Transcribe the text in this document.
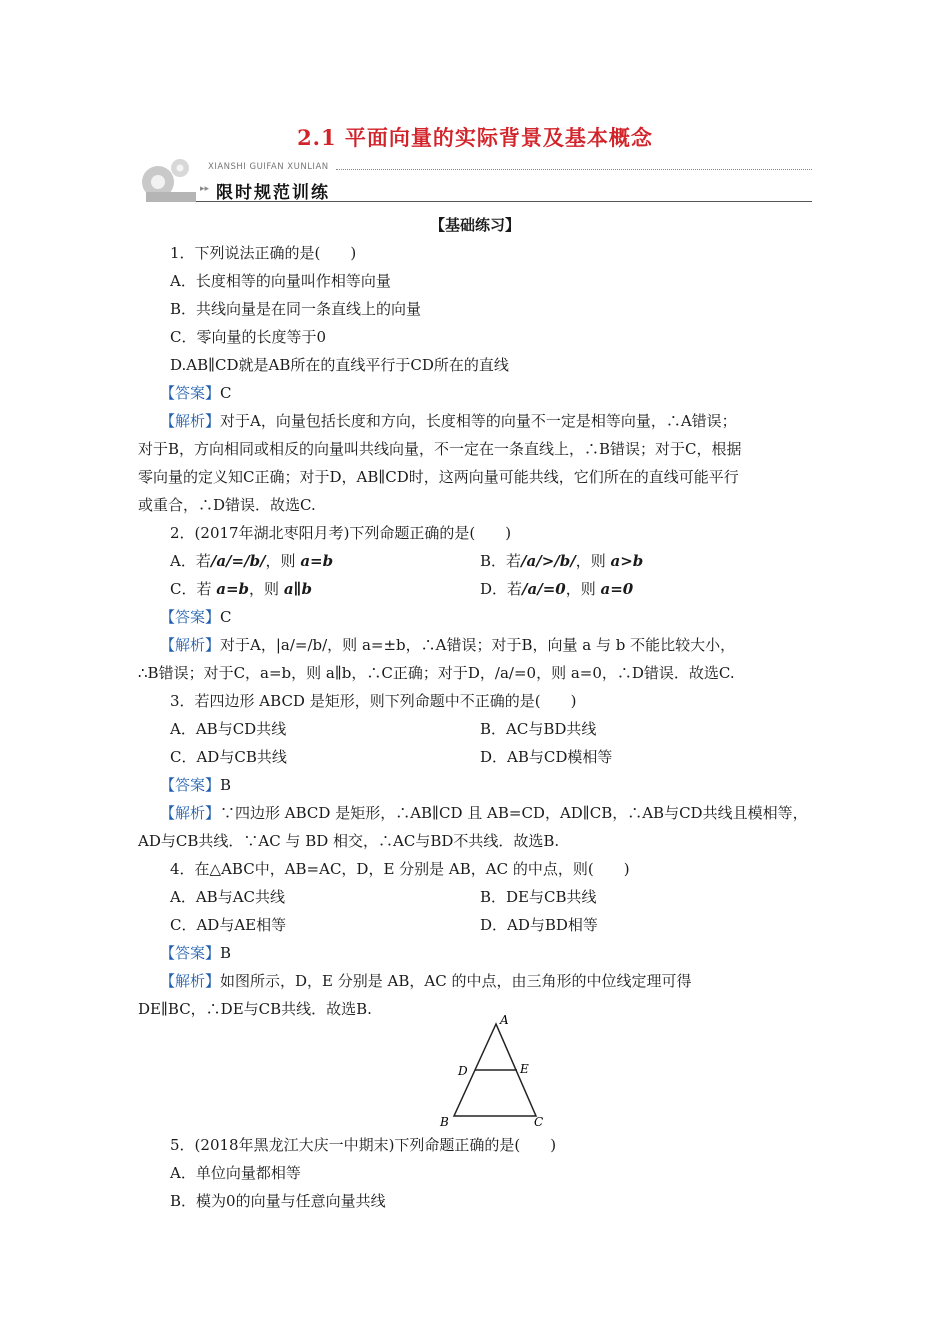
2.1 平面向量的实际背景及基本概念
XIANSHI GUIFAN XUNLIAN
▸▸ 限时规范训练
【基础练习】
1．下列说法正确的是(　　)
A．长度相等的向量叫作相等向量
B．共线向量是在同一条直线上的向量
C．零向量的长度等于0
D.AB∥CD就是AB所在的直线平行于CD所在的直线
【答案】C
【解析】对于A，向量包括长度和方向，长度相等的向量不一定是相等向量，∴A错误；
对于B，方向相同或相反的向量叫共线向量，不一定在一条直线上，∴B错误；对于C，根据
零向量的定义知C正确；对于D，AB∥CD时，这两向量可能共线，它们所在的直线可能平行
或重合，∴D错误．故选C.
2．(2017年湖北枣阳月考)下列命题正确的是(　　)
A．若/a/=/b/，则 a=b	B．若/a/>/b/，则 a>b
C．若 a=b，则 a∥b	D．若/a/=0，则 a=0
【答案】C
【解析】对于A，|a/=/b/，则 a=±b，∴A错误；对于B，向量 a 与 b 不能比较大小，
∴B错误；对于C，a=b，则 a∥b，∴C正确；对于D，/a/=0，则 a=0，∴D错误．故选C.
3．若四边形 ABCD 是矩形，则下列命题中不正确的是(　　)
A．AB与CD共线	B．AC与BD共线
C．AD与CB共线	D．AB与CD模相等
【答案】B
【解析】∵四边形 ABCD 是矩形，∴AB∥CD 且 AB=CD，AD∥CB，∴AB与CD共线且模相等，
AD与CB共线．∵AC 与 BD 相交，∴AC与BD不共线．故选B.
4．在△ABC中，AB=AC，D，E 分别是 AB，AC 的中点，则(　　)
A．AB与AC共线	B．DE与CB共线
C．AD与AE相等	D．AD与BD相等
【答案】B
【解析】如图所示，D，E 分别是 AB，AC 的中点，由三角形的中位线定理可得
DE∥BC，∴DE与CB共线．故选B.
A
D	E
B	C
5．(2018年黑龙江大庆一中期末)下列命题正确的是(　　)
A．单位向量都相等
B．模为0的向量与任意向量共线
